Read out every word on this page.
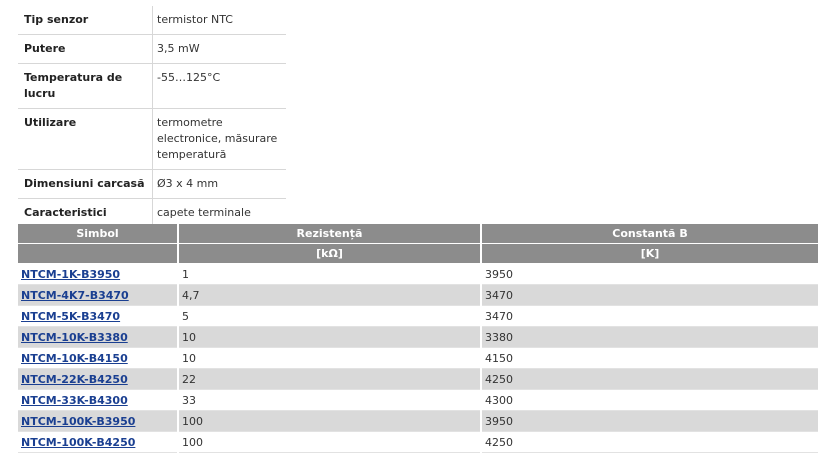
Tip senzor	termistor NTC
Putere	3,5 mW
Temperatura de lucru	-55…125°C
Utilizare	termometre electronice, măsurare temperatură
Dimensiuni carcasă	Ø3 x 4 mm
Caracteristici	capete terminale
Simbol	Rezistență	Constantă B
	[kΩ]	[K]
NTCM-1K-B3950	1	3950
NTCM-4K7-B3470	4,7	3470
NTCM-5K-B3470	5	3470
NTCM-10K-B3380	10	3380
NTCM-10K-B4150	10	4150
NTCM-22K-B4250	22	4250
NTCM-33K-B4300	33	4300
NTCM-100K-B3950	100	3950
NTCM-100K-B4250	100	4250
